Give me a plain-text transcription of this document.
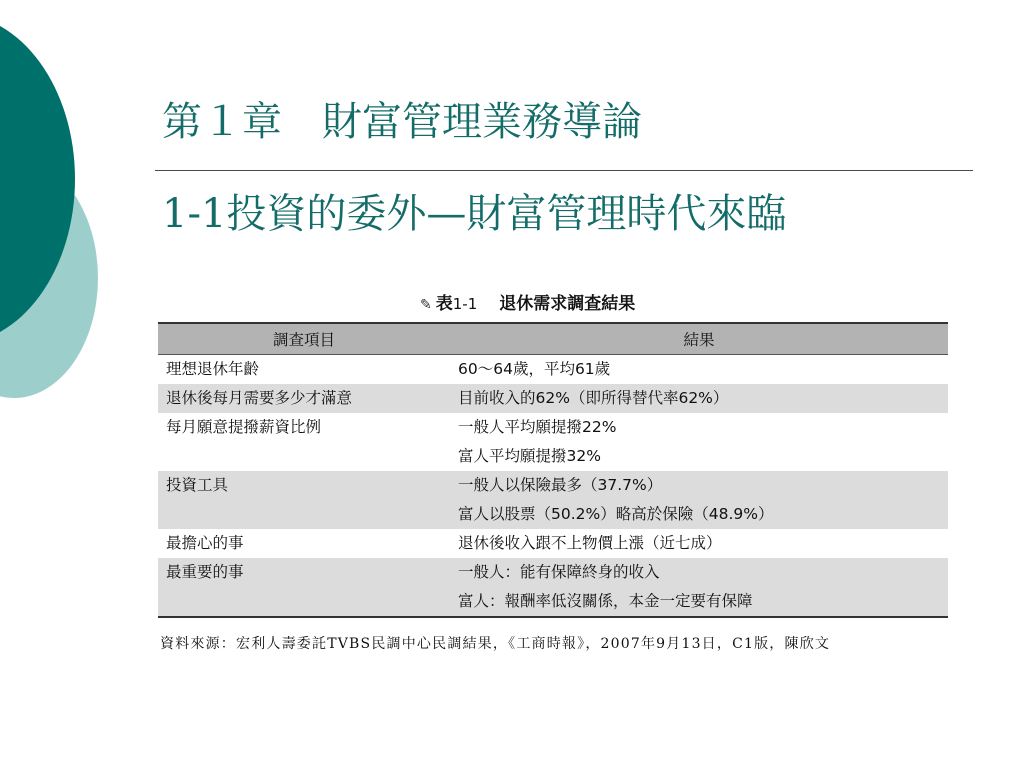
第１章　財富管理業務導論
1-1投資的委外—財富管理時代來臨
✎ 表1-1 退休需求調查結果
調查項目	結果

理想退休年齡	60〜64歲，平均61歲

退休後每月需要多少才滿意	目前收入的62%（即所得替代率62%）

每月願意提撥薪資比例	一般人平均願提撥22%
富人平均願提撥32%

投資工具	一般人以保險最多（37.7%）
富人以股票（50.2%）略高於保險（48.9%）

最擔心的事	退休後收入跟不上物價上漲（近七成）

最重要的事	一般人：能有保障終身的收入
富人：報酬率低沒關係，本金一定要有保障
資料來源：宏利人壽委託TVBS民調中心民調結果，《工商時報》，2007年9月13日，C1版，陳欣文
